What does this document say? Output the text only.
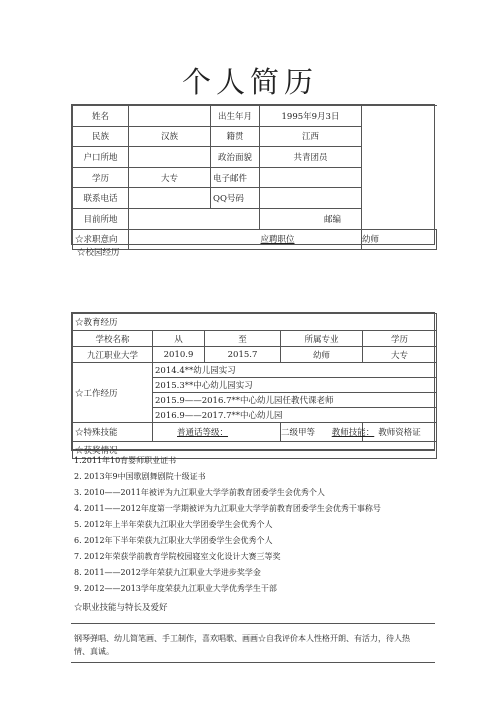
个人简历
姓名		出生年月	1995年9月3日	
民族	汉族	籍贯	江西	
户口所地		政治面貌	共青团员	
学历	大专	电子邮件		
联系电话		QQ号码		
目前所地			邮编	
☆求职意向		应聘职位		幼师
☆校园经历
☆教育经历				
学校名称	从	至	所属专业	学历
九江职业大学	2010.9	2015.7	幼师	大专
☆工作经历	2014.4**幼儿园实习			
	2015.3**中心幼儿园实习			
	2015.9——2016.7**中心幼儿园任教代课老师			
	2016.9——2017.7**中心幼儿园			
☆特殊技能	普通话等级：		二级甲等 教师技能：	教师资格证
☆获奖情况				
1.2011年10育婴师职业证书
2. 2013年9中国歌剧舞剧院十级证书
3. 2010——2011年被评为九江职业大学学前教育团委学生会优秀个人
4. 2011——2012年度第一学期被评为九江职业大学学前教育团委学生会优秀干事称号
5. 2012年上半年荣获九江职业大学团委学生会优秀个人
6. 2012年下半年荣获九江职业大学团委学生会优秀个人
7. 2012年荣获学前教育学院校园寝室文化设计大赛三等奖
8. 2011——2012学年荣获九江职业大学进步奖学金
9. 2012——2013学年度荣获九江职业大学优秀学生干部
☆职业技能与特长及爱好
钢琴弹唱、幼儿简笔画、手工制作，喜欢唱歌、画画☆自我评价本人性格开朗、有活力，待人热
情、真诚。
